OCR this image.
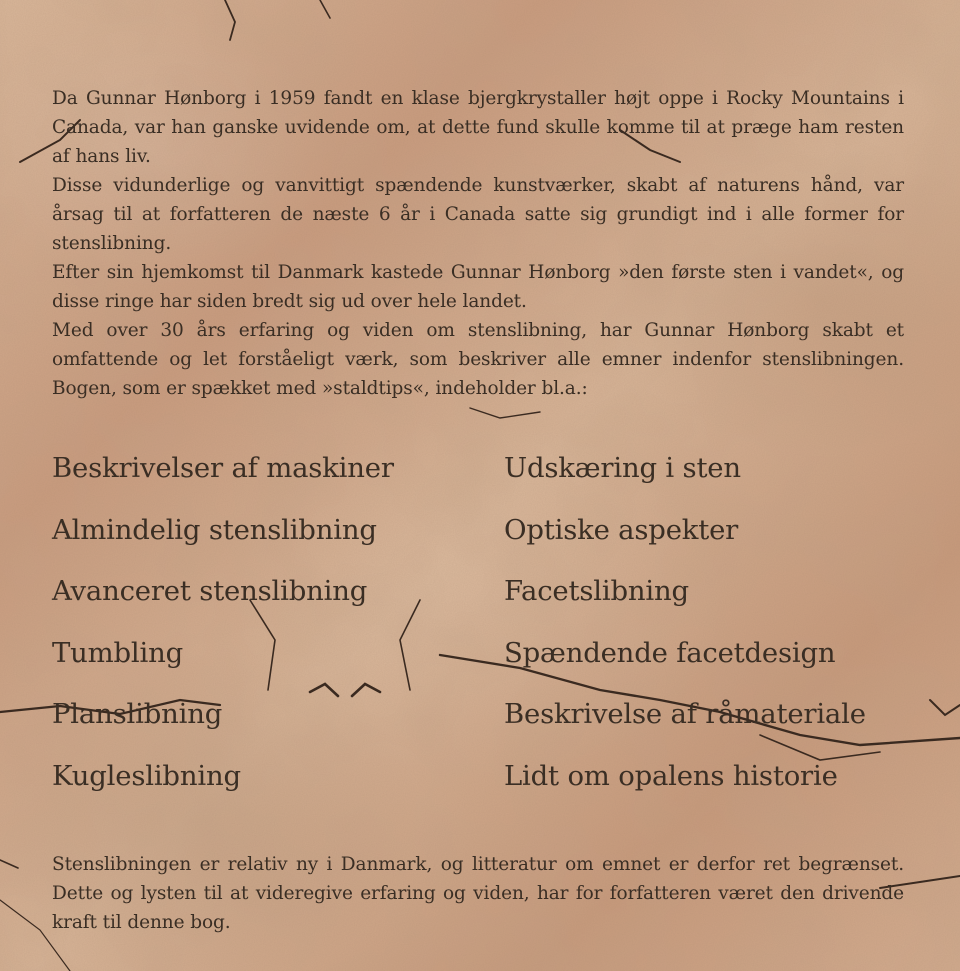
Da Gunnar Hønborg i 1959 fandt en klase bjergkrystaller højt oppe i Rocky Mountains i Canada, var han ganske uvidende om, at dette fund skulle komme til at præge ham resten af hans liv.

Disse vidunderlige og vanvittigt spændende kunstværker, skabt af naturens hånd, var årsag til at forfatteren de næste 6 år i Canada satte sig grundigt ind i alle former for stenslibning.

Efter sin hjemkomst til Danmark kastede Gunnar Hønborg »den første sten i vandet«, og disse ringe har siden bredt sig ud over hele landet.

Med over 30 års erfaring og viden om stenslibning, har Gunnar Hønborg skabt et omfattende og let forståeligt værk, som beskriver alle emner indenfor stenslibningen. Bogen, som er spækket med »staldtips«, indeholder bl.a.:

Beskrivelser af maskiner	Udskæring i sten
Almindelig stenslibning	Optiske aspekter
Avanceret stenslibning	Facetslibning
Tumbling	Spændende facetdesign
Planslibning	Beskrivelse af råmateriale
Kugleslibning	Lidt om opalens historie

Stenslibningen er relativ ny i Danmark, og litteratur om emnet er derfor ret begrænset. Dette og lysten til at videregive erfaring og viden, har for forfatteren været den drivende kraft til denne bog.
